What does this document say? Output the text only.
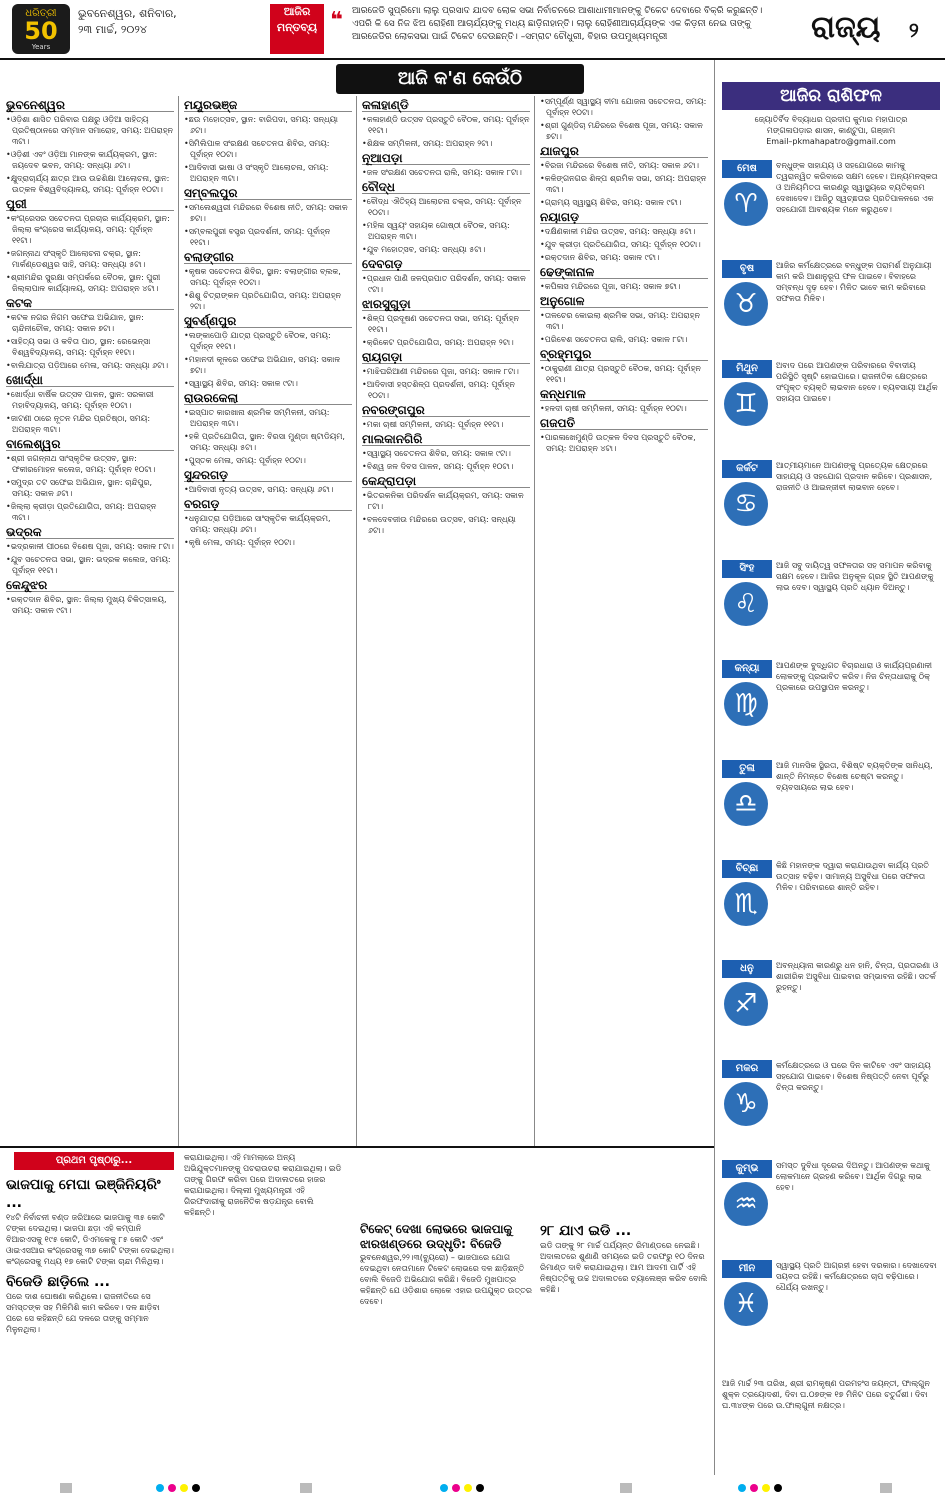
ଧରିତ୍ରୀ
50
Years
ଭୁବନେଶ୍ୱର, ଶନିବାର,
୨୩ ମାର୍ଚ୍ଚ, ୨୦୨୪
ଆଜିର ମନ୍ତବ୍ୟ ❝ ଆରଜେଡି ସୁପ୍ରିମୋ ଲାଲୁ ପ୍ରସାଦ ଯାଦବ ଲୋକ ସଭା ନିର୍ବାଚନରେ ଆଶାଧାମୀମାନଙ୍କୁ ଟିକେଟ ଦେବାରେ ବିକ୍ରି କରୁଛନ୍ତି। ଏପରି କି ସେ ନିଜ ଝିଅ ରୋହିଣୀ ଆଚାର୍ଯ୍ୟଙ୍କୁ ମଧ୍ୟ ଛାଡ଼ିନାହାନ୍ତି। ଲାଲୁ ରୋହିଣୀଆଚାର୍ଯ୍ୟଙ୍କ ଏକ କିଡ଼ନୀ ନେଇ ତାଙ୍କୁ ଆରଜେଡିର ଲୋକସଭା ପାଇଁ ଟିକେଟ ଦେଉଛନ୍ତି। –ସମ୍ରାଟ ଚୌଧୁରୀ, ବିହାର ଉପମୁଖ୍ୟମନ୍ତ୍ରୀ	ରାଜ୍ୟ ୨
ଆଜି କ'ଣ କେଉଁଠି
ଭୁବନେଶ୍ୱର
• ଓଡ଼ିଶା ଶାସିତ ପରିବାର ପକ୍ଷରୁ ଓଡ଼ିଆ ସାହିତ୍ୟ ପ୍ରତିଷ୍ଠାନରେ ସମ୍ମାନ ସମାରୋହ, ସମୟ: ଅପରାହ୍ନ ୩ଟା।
• ଓଡ଼ିଶୀ ଏବଂ ଓଡ଼ିଆ ମାନଙ୍କ କାର୍ଯ୍ୟକ୍ରମ, ସ୍ଥାନ: ଜୟଦେବ ଭବନ, ସମୟ: ସନ୍ଧ୍ୟା ୬ଟା।
• କ୍ଷୁଦ୍ରାଚାର୍ଯ୍ୟ ଛାତ୍ର ଆଉ ଉଚ୍ଚଶିକ୍ଷା ଆଲୋଚନା, ସ୍ଥାନ: ଉତ୍କଳ ବିଶ୍ୱବିଦ୍ୟାଳୟ, ସମୟ: ପୂର୍ବାହ୍ନ ୧୦ଟା।
ପୁରୀ
• କଂଗ୍ରେସର ସଚେତନତା ପ୍ରଚାର କାର୍ଯ୍ୟକ୍ରମ, ସ୍ଥାନ: ଜିଲ୍ଲା କଂଗ୍ରେସ କାର୍ଯ୍ୟାଳୟ, ସମୟ: ପୂର୍ବାହ୍ନ ୧୧ଟା।
• ଜଗନ୍ନାଥ ସଂସ୍କୃତି ଆଲୋଚନା ଚକ୍ର, ସ୍ଥାନ: ମାର୍କଣ୍ଡେଶ୍ୱର ସାହି, ସମୟ: ସନ୍ଧ୍ୟା ୫ଟା।
• ଶ୍ରୀମନ୍ଦିର ସୁରକ୍ଷା ସମ୍ପର୍କରେ ବୈଠକ, ସ୍ଥାନ: ପୁରୀ ଜିଲ୍ଲାପାଳ କାର୍ଯ୍ୟାଳୟ, ସମୟ: ଅପରାହ୍ନ ୪ଟା।
କଟକ
• କଟକ ନଗର ନିଗମ ସଫେଇ ଅଭିଯାନ, ସ୍ଥାନ: ଚାନ୍ଦିନୀଚୌକ, ସମୟ: ସକାଳ ୭ଟା।
• ସାହିତ୍ୟ ସଭା ଓ କବିତା ପାଠ, ସ୍ଥାନ: ରେଭେନ୍ସା ବିଶ୍ୱବିଦ୍ୟାଳୟ, ସମୟ: ପୂର୍ବାହ୍ନ ୧୧ଟା।
• ବାଲିଯାତ୍ରା ପଡ଼ିଆରେ ମେଳା, ସମୟ: ସନ୍ଧ୍ୟା ୬ଟା।
ଖୋର୍ଦ୍ଧା
• ଖୋର୍ଦ୍ଧା ବାର୍ଷିକ ଉତ୍ସବ ପାଳନ, ସ୍ଥାନ: ସରକାରୀ ମହାବିଦ୍ୟାଳୟ, ସମୟ: ପୂର୍ବାହ୍ନ ୧୦ଟା।
• ଜାଟଣୀ ଠାରେ ନୂତନ ମନ୍ଦିର ପ୍ରତିଷ୍ଠା, ସମୟ: ଅପରାହ୍ନ ୩ଟା।
ବାଲେଶ୍ୱର
• ଶ୍ରୀ ଜଗନ୍ନାଥ ସାଂସ୍କୃତିକ ଉତ୍ସବ, ସ୍ଥାନ: ଫକୀରମୋହନ କଲେଜ, ସମୟ: ପୂର୍ବାହ୍ନ ୧୦ଟା।
• ସମୁଦ୍ର ତଟ ସଫେଇ ଅଭିଯାନ, ସ୍ଥାନ: ଚାନ୍ଦିପୁର, ସମୟ: ସକାଳ ୬ଟା।
• ଜିଲ୍ଲା କ୍ରୀଡ଼ା ପ୍ରତିଯୋଗିତା, ସମୟ: ଅପରାହ୍ନ ୩ଟା।
ଭଦ୍ରକ
• ଭଦ୍ରକାଳୀ ପୀଠରେ ବିଶେଷ ପୂଜା, ସମୟ: ସକାଳ ୮ଟା।
• ଯୁବ ସଚେତନତା ସଭା, ସ୍ଥାନ: ଭଦ୍ରକ କଲେଜ, ସମୟ: ପୂର୍ବାହ୍ନ ୧୧ଟା।
କେନ୍ଦୁଝର
• ରକ୍ତଦାନ ଶିବିର, ସ୍ଥାନ: ଜିଲ୍ଲା ମୁଖ୍ୟ ଚିକିତ୍ସାଳୟ, ସମୟ: ସକାଳ ୯ଟା।
ମୟୂରଭଞ୍ଜ
• ଛଉ ମହୋତ୍ସବ, ସ୍ଥାନ: ବାରିପଦା, ସମୟ: ସନ୍ଧ୍ୟା ୬ଟା।
• ସିମିଲିପାଳ ସଂରକ୍ଷଣ ସଚେତନତା ଶିବିର, ସମୟ: ପୂର୍ବାହ୍ନ ୧୦ଟା।
• ଆଦିବାସୀ ଭାଷା ଓ ସଂସ୍କୃତି ଆଲୋଚନା, ସମୟ: ଅପରାହ୍ନ ୩ଟା।
ସମ୍ବଲପୁର
• ସମଲେଶ୍ୱରୀ ମନ୍ଦିରରେ ବିଶେଷ ନୀତି, ସମୟ: ସକାଳ ୭ଟା।
• ସମ୍ବଲପୁରୀ ବସ୍ତ୍ର ପ୍ରଦର୍ଶନୀ, ସମୟ: ପୂର୍ବାହ୍ନ ୧୧ଟା।
ବଲାଙ୍ଗୀର
• କୃଷକ ସଚେତନତା ଶିବିର, ସ୍ଥାନ: ବଲାଙ୍ଗୀର ବ୍ଲକ, ସମୟ: ପୂର୍ବାହ୍ନ ୧୦ଟା।
• ଶିଶୁ ଚିତ୍ରାଙ୍କନ ପ୍ରତିଯୋଗିତା, ସମୟ: ଅପରାହ୍ନ ୨ଟା।
ସୁବର୍ଣ୍ଣପୁର
• ଲଙ୍କାପୋଡ଼ି ଯାତ୍ରା ପ୍ରସ୍ତୁତି ବୈଠକ, ସମୟ: ପୂର୍ବାହ୍ନ ୧୧ଟା।
• ମହାନଦୀ କୂଳରେ ସଫେଇ ଅଭିଯାନ, ସମୟ: ସକାଳ ୭ଟା।
• ସ୍ୱାସ୍ଥ୍ୟ ଶିବିର, ସମୟ: ସକାଳ ୯ଟା।
ରାଉରକେଲା
• ଇସ୍ପାତ କାରଖାନା ଶ୍ରମିକ ସମ୍ମିଳନୀ, ସମୟ: ଅପରାହ୍ନ ୩ଟା।
• ହକି ପ୍ରତିଯୋଗିତା, ସ୍ଥାନ: ବିରସା ମୁଣ୍ଡା ଷ୍ଟାଡିୟମ, ସମୟ: ସନ୍ଧ୍ୟା ୫ଟା।
• ପୁସ୍ତକ ମେଳା, ସମୟ: ପୂର୍ବାହ୍ନ ୧୦ଟା।
ସୁନ୍ଦରଗଡ଼
• ଆଦିବାସୀ ନୃତ୍ୟ ଉତ୍ସବ, ସମୟ: ସନ୍ଧ୍ୟା ୬ଟା।
ବରଗଡ଼
• ଧନୁଯାତ୍ରା ପଡ଼ିଆରେ ସାଂସ୍କୃତିକ କାର୍ଯ୍ୟକ୍ରମ, ସମୟ: ସନ୍ଧ୍ୟା ୬ଟା।
• କୃଷି ମେଳା, ସମୟ: ପୂର୍ବାହ୍ନ ୧୦ଟା।
କଳାହାଣ୍ଡି
• କଳାହାଣ୍ଡି ଉତ୍ସବ ପ୍ରସ୍ତୁତି ବୈଠକ, ସମୟ: ପୂର୍ବାହ୍ନ ୧୧ଟା।
• ଶିକ୍ଷକ ସମ୍ମିଳନୀ, ସମୟ: ଅପରାହ୍ନ ୨ଟା।
ନୂଆପଡ଼ା
• ଜଳ ସଂରକ୍ଷଣ ସଚେତନତା ରାଲି, ସମୟ: ସକାଳ ୮ଟା।
ବୌଦ୍ଧ
• ବୌଦ୍ଧ ଐତିହ୍ୟ ଆଲୋଚନା ଚକ୍ର, ସମୟ: ପୂର୍ବାହ୍ନ ୧୦ଟା।
• ମହିଳା ସ୍ୱୟଂ ସହାୟକ ଗୋଷ୍ଠୀ ବୈଠକ, ସମୟ: ଅପରାହ୍ନ ୩ଟା।
• ଯୁବ ମହୋତ୍ସବ, ସମୟ: ସନ୍ଧ୍ୟା ୫ଟା।
ଦେବଗଡ଼
• ପ୍ରଧାନ ପାଣି ଜଳପ୍ରପାତ ପରିଦର୍ଶନ, ସମୟ: ସକାଳ ୯ଟା।
ଝାରସୁଗୁଡ଼ା
• ଶିଳ୍ପ ପ୍ରଦୂଷଣ ସଚେତନତା ସଭା, ସମୟ: ପୂର୍ବାହ୍ନ ୧୧ଟା।
• କ୍ରିକେଟ ପ୍ରତିଯୋଗିତା, ସମୟ: ଅପରାହ୍ନ ୨ଟା।
ରାୟଗଡ଼ା
• ମାଝିଘରିଆଣୀ ମନ୍ଦିରରେ ପୂଜା, ସମୟ: ସକାଳ ୮ଟା।
• ଆଦିବାସୀ ହସ୍ତଶିଳ୍ପ ପ୍ରଦର୍ଶନୀ, ସମୟ: ପୂର୍ବାହ୍ନ ୧୦ଟା।
ନବରଙ୍ଗପୁର
• ମକା ଚାଷୀ ସମ୍ମିଳନୀ, ସମୟ: ପୂର୍ବାହ୍ନ ୧୧ଟା।
ମାଲକାନଗିରି
• ସ୍ୱାସ୍ଥ୍ୟ ସଚେତନତା ଶିବିର, ସମୟ: ସକାଳ ୯ଟା।
• ବିଶ୍ୱ ଜଳ ଦିବସ ପାଳନ, ସମୟ: ପୂର୍ବାହ୍ନ ୧୦ଟା।
କେନ୍ଦ୍ରାପଡ଼ା
• ଭିତରକନିକା ପରିଦର୍ଶନ କାର୍ଯ୍ୟକ୍ରମ, ସମୟ: ସକାଳ ୮ଟା।
• ବଳଦେବଜୀଉ ମନ୍ଦିରରେ ଉତ୍ସବ, ସମୟ: ସନ୍ଧ୍ୟା ୬ଟା।
• ସମ୍ପୂର୍ଣ୍ଣ ସ୍ୱାସ୍ଥ୍ୟ ବୀମା ଯୋଜନା ସଚେତନତା, ସମୟ: ପୂର୍ବାହ୍ନ ୧୦ଟା।
• ଶ୍ରୀ ଗୁଣ୍ଡିଚା ମନ୍ଦିରରେ ବିଶେଷ ପୂଜା, ସମୟ: ସକାଳ ୭ଟା।
ଯାଜପୁର
• ବିରଜା ମନ୍ଦିରରେ ବିଶେଷ ନୀତି, ସମୟ: ସକାଳ ୬ଟା।
• କଳିଙ୍ଗନଗର ଶିଳ୍ପ ଶ୍ରମିକ ସଭା, ସମୟ: ଅପରାହ୍ନ ୩ଟା।
• ଗ୍ରାମ୍ୟ ସ୍ୱାସ୍ଥ୍ୟ ଶିବିର, ସମୟ: ସକାଳ ୯ଟା।
ନୟାଗଡ଼
• ଦକ୍ଷିଣକାଳୀ ମନ୍ଦିର ଉତ୍ସବ, ସମୟ: ସନ୍ଧ୍ୟା ୫ଟା।
• ଯୁବ କ୍ରୀଡ଼ା ପ୍ରତିଯୋଗିତା, ସମୟ: ପୂର୍ବାହ୍ନ ୧୦ଟା।
• ରକ୍ତଦାନ ଶିବିର, ସମୟ: ସକାଳ ୯ଟା।
ଢେଙ୍କାନାଳ
• କପିଳାସ ମନ୍ଦିରରେ ପୂଜା, ସମୟ: ସକାଳ ୭ଟା।
ଅନୁଗୋଳ
• ତାଳଚେର କୋଇଲା ଶ୍ରମିକ ସଭା, ସମୟ: ଅପରାହ୍ନ ୩ଟା।
• ପରିବେଶ ସଚେତନତା ରାଲି, ସମୟ: ସକାଳ ୮ଟା।
ବ୍ରହ୍ମପୁର
• ଠାକୁରାଣୀ ଯାତ୍ରା ପ୍ରସ୍ତୁତି ବୈଠକ, ସମୟ: ପୂର୍ବାହ୍ନ ୧୧ଟା।
କନ୍ଧମାଳ
• ହଳଦୀ ଚାଷୀ ସମ୍ମିଳନୀ, ସମୟ: ପୂର୍ବାହ୍ନ ୧୦ଟା।
ଗଜପତି
• ପାରଳାଖେମୁଣ୍ଡି ଉତ୍କଳ ଦିବସ ପ୍ରସ୍ତୁତି ବୈଠକ, ସମୟ: ଅପରାହ୍ନ ୪ଟା।
ଆଜିର ରାଶିଫଳ
ଜ୍ୟୋତିର୍ବିଦ ବିଦ୍ୟାଧର ପ୍ରଦୀପ କୁମାର ମହାପାତ୍ର
ମଙ୍ଗଳାପଡ଼ାର ଶାସନ, କାଣ୍ଟୁପା, ଗଞ୍ଜାମ
Email–pkmahapatro@gmail.com
ମେଷ
♈
ବନ୍ଧୁଙ୍କ ସାହାଯ୍ୟ ଓ ସହଯୋଗରେ କାମକୁ ତ୍ୱରାନ୍ୱିତ କରିବାରେ ସକ୍ଷମ ହେବେ। ଅନ୍ୟମନସ୍କତା ଓ ଅନିୟମିତତା କାରଣରୁ ସ୍ୱାସ୍ଥ୍ୟରେ ବ୍ୟତିକ୍ରମ ଦେଖାଦେବ। ଆଜିଠୁ ସ୍ୱଚ୍ଛତାର ପ୍ରତିପାଳନରେ ଏକ ସହଯୋଗୀ ଆବଶ୍ୟକ ମନେ କରୁଥିବେ।
ବୃଷ
♉
ଆଜିର କର୍ମକ୍ଷେତ୍ରରେ ବନ୍ଧୁଙ୍କ ପରାମର୍ଶ ଅନୁଯାୟୀ କାମ କରି ଆଶାନୁରୂପ ଫଳ ପାଇବେ। ବିବାହରେ ସମ୍ବନ୍ଧ ଦୃଢ଼ ହେବ। ମିଳିତ ଭାବେ କାମ କରିବାରେ ସଫଳତା ମିଳିବ।
ମିଥୁନ
♊
ଅବାଦ ପରେ ଆପଣଙ୍କ ପରିବାରରେ ବିବାଦୀୟ ପରିସ୍ଥିତି ସୃଷ୍ଟି ହୋଇପାରେ। ରାଜନୀତିକ କ୍ଷେତ୍ରରେ ସଂପୃକ୍ତ ବ୍ୟକ୍ତି ଲାଭବାନ ହେବେ। ବ୍ୟବସାୟୀ ଆର୍ଥିକ ସହାୟତା ପାଇବେ।
କର୍କଟ
♋
ଆତ୍ମୀୟମାନେ ଆପଣଙ୍କୁ ପ୍ରତ୍ୟେକ କ୍ଷେତ୍ରରେ ସାହାଯ୍ୟ ଓ ସହଯୋଗ ପ୍ରଦାନ କରିବେ। ପ୍ରଶାସନ, ରାଜନୀତି ଓ ଆଇନ୍ଜୀବୀ ଲାଭବାନ ହେବେ।
ସିଂହ
♌
ଆଜି ସବୁ ଦାୟିତ୍ୱ ସଫଳତାର ସହ ସମାପନ କରିବାକୁ ସକ୍ଷମ ହେବେ। ଆଜିର ଅନୁକୂଳ ଗ୍ରହ ସ୍ଥିତି ଆପଣଙ୍କୁ ଲାଭ ଦେବ। ସ୍ୱାସ୍ଥ୍ୟ ପ୍ରତି ଧ୍ୟାନ ଦିଅନ୍ତୁ।
କନ୍ୟା
♍
ଆପଣଙ୍କ ବୁଦ୍ଧିଗତ ବିଚାରଧାରା ଓ କାର୍ଯ୍ୟପ୍ରଣାଳୀ ଲୋକଙ୍କୁ ପ୍ରଭାବିତ କରିବ। ନିଜ ଚିନ୍ତାଧାରାକୁ ଠିକ୍ ପ୍ରକାରେ ଉପସ୍ଥାପନ କରନ୍ତୁ।
ତୁଳା
♎
ଆଜି ମାନସିକ ସ୍ଥିରତା, ବିଶିଷ୍ଟ ବ୍ୟକ୍ତିଙ୍କ ସାନିଧ୍ୟ, ଶାନ୍ତି ନିମନ୍ତେ ବିଶେଷ ଚେଷ୍ଟା କରନ୍ତୁ। ବ୍ୟବସାୟରେ ଲାଭ ହେବ।
ବିଚ୍ଛା
♏
କିଛି ମହାନଙ୍କ ଦ୍ୱାରା କରାଯାଉଥିବା କାର୍ଯ୍ୟ ପ୍ରତି ଉତ୍ସାହ ବଢ଼ିବ। ସାମାନ୍ୟ ଅସୁବିଧା ପରେ ସଫଳତା ମିଳିବ। ପରିବାରରେ ଶାନ୍ତି ରହିବ।
ଧନୁ
♐
ଅବନ୍ଧ୍ୟାନା କାରଣରୁ ଧନ ହାନି, ଚିନ୍ତା, ପ୍ରତାରଣା ଓ ଶାରୀରିକ ଅସୁବିଧା ପାଇବାର ସମ୍ଭାବନା ରହିଛି। ସତର୍କ ରୁହନ୍ତୁ।
ମକର
♑
କର୍ମକ୍ଷେତ୍ରରେ ଓ ଘରେ ଦିନ କାଟିବେ ଏବଂ ସାହାଯ୍ୟ ସହଯୋଗ ପାଇବେ। ବିଶେଷ ନିଷ୍ପତ୍ତି ନେବା ପୂର୍ବରୁ ଚିନ୍ତା କରନ୍ତୁ।
କୁମ୍ଭ
♒
ସମସ୍ତ ଦୁବିଧା ଦୂରେଇ ଦିଅନ୍ତୁ। ଆପଣଙ୍କ କଥାକୁ ଲୋକମାନେ ଗ୍ରହଣ କରିବେ। ଆର୍ଥିକ ଦିଗରୁ ଲାଭ ହେବ।
ମୀନ
♓
ସ୍ୱାସ୍ଥ୍ୟ ପ୍ରତି ଆଗ୍ରହୀ ହେବା ଦରକାର। ଦେଖାଦେବା ସୟବତା ରହିଛି। କର୍ମକ୍ଷେତ୍ରରେ ଚାପ ବଢ଼ିପାରେ। ଧୈର୍ଯ୍ୟ ରଖନ୍ତୁ।
ଆଜି ମାର୍ଚ୍ଚ ୨୩ ତାରିଖ, ଶ୍ରୀ ରାମକୃଷ୍ଣ ପରମହଂସ ଜୟନ୍ତୀ, ଫାଲ୍ଗୁନ ଶୁକ୍ଳ ତ୍ରୟୋଦଶୀ, ଦିବା ଘ.୦୭ଙ୍କ ୧୭ ମିନିଟ ପରେ ଚତୁର୍ଦ୍ଦଶୀ। ଦିବା ଘ.୩୪ଙ୍କ ପରେ ଉ.ଫାଲ୍ଗୁନୀ ନକ୍ଷତ୍ର।
ପ୍ରଥମ ପୃଷ୍ଠାରୁ...
ଭାଜପାକୁ ମେଘା ଇଞ୍ଜିନିୟରିଂ ...
୧୪ଟି ନିର୍ବାଚନୀ ବଣ୍ଡ ଜରିଆରେ ଭାଜପାକୁ ୩୫ କୋଟି ଟଙ୍କା ଦେଇଥିଲା। ଭାଜପା ଛଡ଼ା ଏହି କମ୍ପାନି ବିଆରଏସକୁ ୧୯୫ କୋଟି, ଡିଏମକେକୁ ୮୫ କୋଟି ଏବଂ ଓାଇଏସଆର କଂଗ୍ରେସକୁ ୩୭ କୋଟି ଟଙ୍କା ଦେଇଥିଲା। କଂଗ୍ରେସକୁ ମଧ୍ୟ ୧୭ କୋଟି ଟଙ୍କା ଚାନ୍ଦା ମିଳିଥିଲା।
ବିଜେଡି ଛାଡ଼ିଲେ ...
ପରେ ଦାଶ ଘୋଷଣା କରିଥିଲେ। ରାଜନୀତିରେ ସେ ସମସ୍ତଙ୍କ ସହ ମିଳିମିଶି କାମ କରିବେ। ଦଳ ଛାଡ଼ିବା ପରେ ସେ କହିଛନ୍ତି ଯେ ଦଳରେ ତାଙ୍କୁ ସମ୍ମାନ ମିଳୁନଥିଲା।
କରାଯାଇଥିଲା। ଏହି ମାମଲାରେ ଅନ୍ୟ ଅଭିଯୁକ୍ତମାନଙ୍କୁ ପଚରାଉଚରା କରାଯାଇଥିଲା। ଇଡି ତାଙ୍କୁ ଗିରଫ କରିବା ପରେ ଅଦାଲତରେ ହାଜର କରାଯାଇଥିଲା। ଦିଲ୍ଲୀ ମୁଖ୍ୟମନ୍ତ୍ରୀ ଏହି ଗିରଫଦାରୀକୁ ରାଜନୈତିକ ଷଡ଼ଯନ୍ତ୍ର ବୋଲି କହିଛନ୍ତି।
ଟିକେଟ୍ ଦେଖା ଲୋଭରେ ଭାଜପାକୁ ଝାରଖଣ୍ଡରେ ଉଦ୍ଧୃତି: ବିଜେଡି
ଭୁବନେଶ୍ୱର,୨୨।୩(ବ୍ୟୁରୋ) – ଭାଜପାରେ ଯୋଗ ଦେଇଥିବା ନେତାମାନେ ଟିକେଟ ଲୋଭରେ ଦଳ ଛାଡ଼ିଛନ୍ତି ବୋଲି ବିଜେଡି ଅଭିଯୋଗ କରିଛି। ବିଜେଡି ମୁଖପାତ୍ର କହିଛନ୍ତି ଯେ ଓଡ଼ିଶାର ଲୋକେ ଏହାର ଉପଯୁକ୍ତ ଉତ୍ତର ଦେବେ।
୨୮ ଯାଏ ଇଡି ...
ଇଡି ତାଙ୍କୁ ୨୮ ମାର୍ଚ୍ଚ ପର୍ଯ୍ୟନ୍ତ ରିମାଣ୍ଡରେ ନେଇଛି। ଅଦାଲତରେ ଶୁଣାଣି ସମୟରେ ଇଡି ତରଫରୁ ୧୦ ଦିନର ରିମାଣ୍ଡ ଦାବି କରାଯାଇଥିଲା। ଆମ ଆଦମୀ ପାର୍ଟି ଏହି ନିଷ୍ପତ୍ତିକୁ ଉଚ୍ଚ ଅଦାଲତରେ ଚ୍ୟାଲେଞ୍ଜ କରିବ ବୋଲି କହିଛି।
